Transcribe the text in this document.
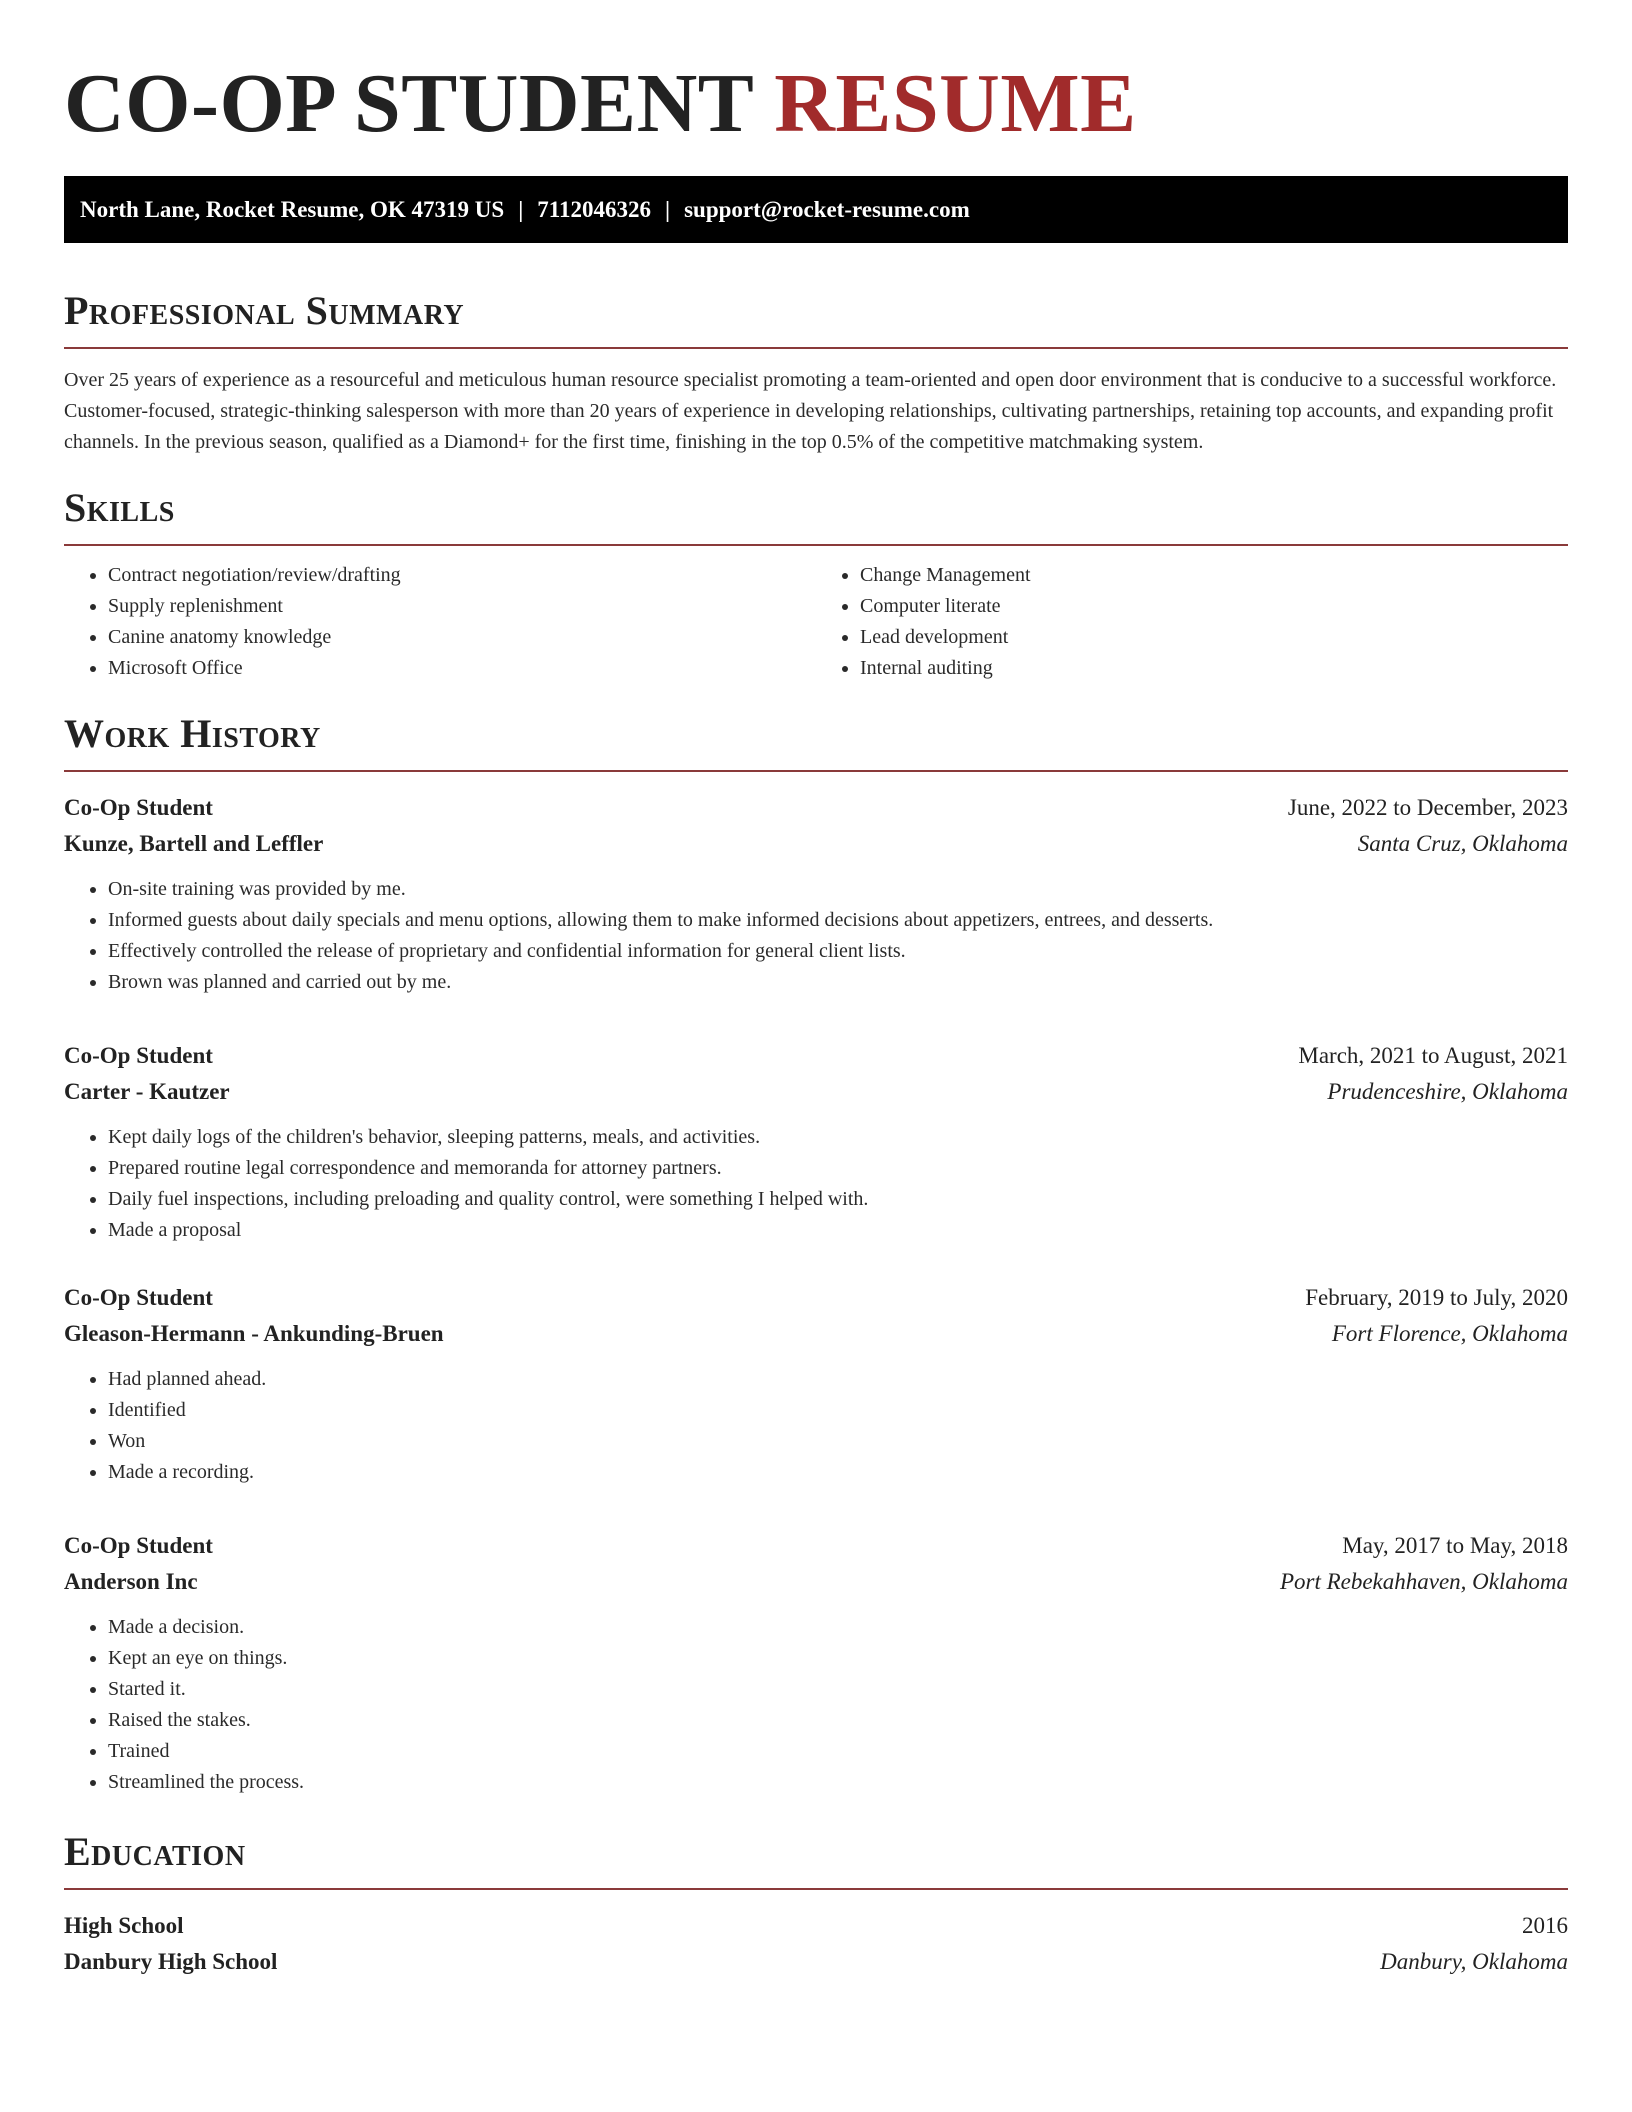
CO-OP STUDENT RESUME
North Lane, Rocket Resume, OK 47319 US | 7112046326 | support@rocket-resume.com
Professional Summary

Over 25 years of experience as a resourceful and meticulous human resource specialist promoting a team-oriented and open door environment that is conducive to a successful workforce. Customer-focused, strategic-thinking salesperson with more than 20 years of experience in developing relationships, cultivating partnerships, retaining top accounts, and expanding profit channels. In the previous season, qualified as a Diamond+ for the first time, finishing in the top 0.5% of the competitive matchmaking system.

Skills
• Contract negotiation/review/drafting
• Supply replenishment
• Canine anatomy knowledge
• Microsoft Office
• Change Management
• Computer literate
• Lead development
• Internal auditing
Work History
Co-Op Student	June, 2022 to December, 2023
Kunze, Bartell and Leffler	Santa Cruz, Oklahoma
• On-site training was provided by me.
• Informed guests about daily specials and menu options, allowing them to make informed decisions about appetizers, entrees, and desserts.
• Effectively controlled the release of proprietary and confidential information for general client lists.
• Brown was planned and carried out by me.
Co-Op Student	March, 2021 to August, 2021
Carter - Kautzer	Prudenceshire, Oklahoma
• Kept daily logs of the children's behavior, sleeping patterns, meals, and activities.
• Prepared routine legal correspondence and memoranda for attorney partners.
• Daily fuel inspections, including preloading and quality control, were something I helped with.
• Made a proposal
Co-Op Student	February, 2019 to July, 2020
Gleason-Hermann - Ankunding-Bruen	Fort Florence, Oklahoma
• Had planned ahead.
• Identified
• Won
• Made a recording.
Co-Op Student	May, 2017 to May, 2018
Anderson Inc	Port Rebekahhaven, Oklahoma
• Made a decision.
• Kept an eye on things.
• Started it.
• Raised the stakes.
• Trained
• Streamlined the process.
Education
High School	2016
Danbury High School	Danbury, Oklahoma
